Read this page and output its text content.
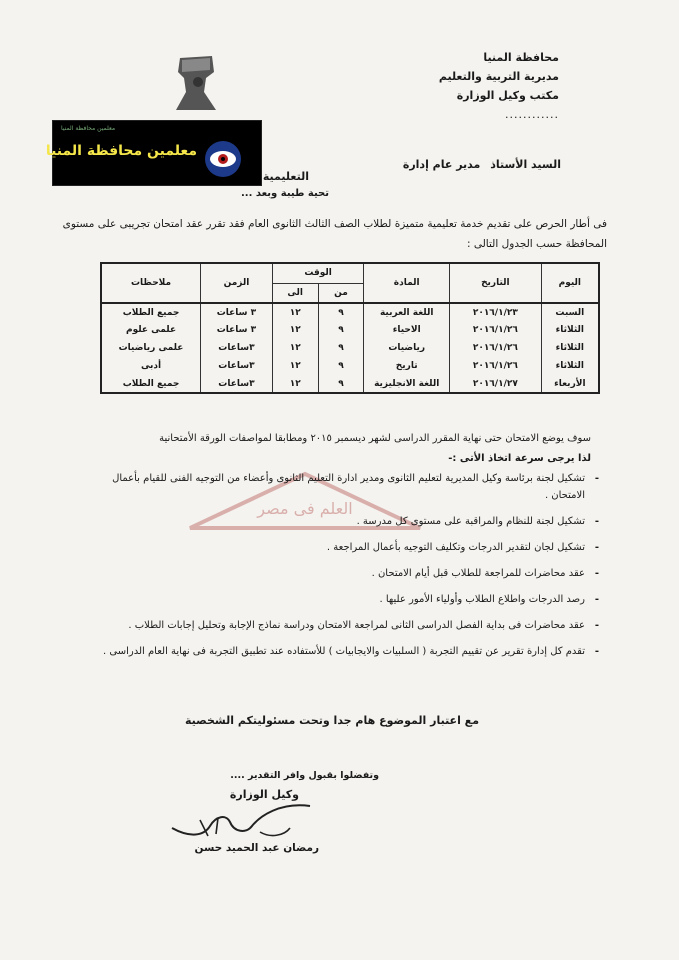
محافظة المنيا
مديرية التربية والتعليم
مكتب وكيل الوزارة
............
معلمين محافظة المنيا
معلمين محافظة المنيا
السيد الأستاذ مدير عام إدارة
التعليمية
تحية طيبة وبعد ...
فى أطار الحرص على تقديم خدمة تعليمية متميزة لطلاب الصف الثالث الثانوى العام فقد تقرر عقد امتحان تجريبى على مستوى المحافظة حسب الجدول التالى :
اليوم	التاريخ	المادة	الوقت		الزمن	ملاحظات
			من	الى		
السبت	٢٠١٦/١/٢٣	اللغة العربية	٩	١٢	٣ ساعات	جميع الطلاب
الثلاثاء	٢٠١٦/١/٢٦	الاحياء	٩	١٢	٣ ساعات	علمى علوم
الثلاثاء	٢٠١٦/١/٢٦	رياضيات	٩	١٢	٣ساعات	علمى رياضيات
الثلاثاء	٢٠١٦/١/٢٦	تاريخ	٩	١٢	٣ساعات	أدبى
الأربعاء	٢٠١٦/١/٢٧	اللغة الانجليزية	٩	١٢	٣ساعات	جميع الطلاب
سوف يوضع الامتحان حتى نهاية المقرر الدراسى لشهر ديسمبر ٢٠١٥ ومطابقا لمواصفات الورقة الأمتحانية
لذا يرجى سرعة اتخاذ الأتى :-
العلم فى مصر
- تشكيل لجنة برئاسة وكيل المديرية لتعليم الثانوى ومدير ادارة التعليم الثانوى وأعضاء من التوجيه الفنى للقيام بأعمال الامتحان .
- تشكيل لجنة للنظام والمراقبة على مستوى كل مدرسة .
- تشكيل لجان لتقدير الدرجات وتكليف التوجيه بأعمال المراجعة .
- عقد محاضرات للمراجعة للطلاب قبل أيام الامتحان .
- رصد الدرجات واطلاع الطلاب وأولياء الأمور عليها .
- عقد محاضرات فى بداية الفصل الدراسى الثانى لمراجعة الامتحان ودراسة نماذج الإجابة وتحليل إجابات الطلاب .
- تقدم كل إدارة تقرير عن تقييم التجربة ( السلبيات والايجابيات ) للأستفاده عند تطبيق التجربة فى نهاية العام الدراسى .
مع اعتبار الموضوع هام جدا وتحت مسئوليتكم الشخصية
وتفضلوا بقبول وافر التقدير ....
وكيل الوزارة
رمضان عبد الحميد حسن
